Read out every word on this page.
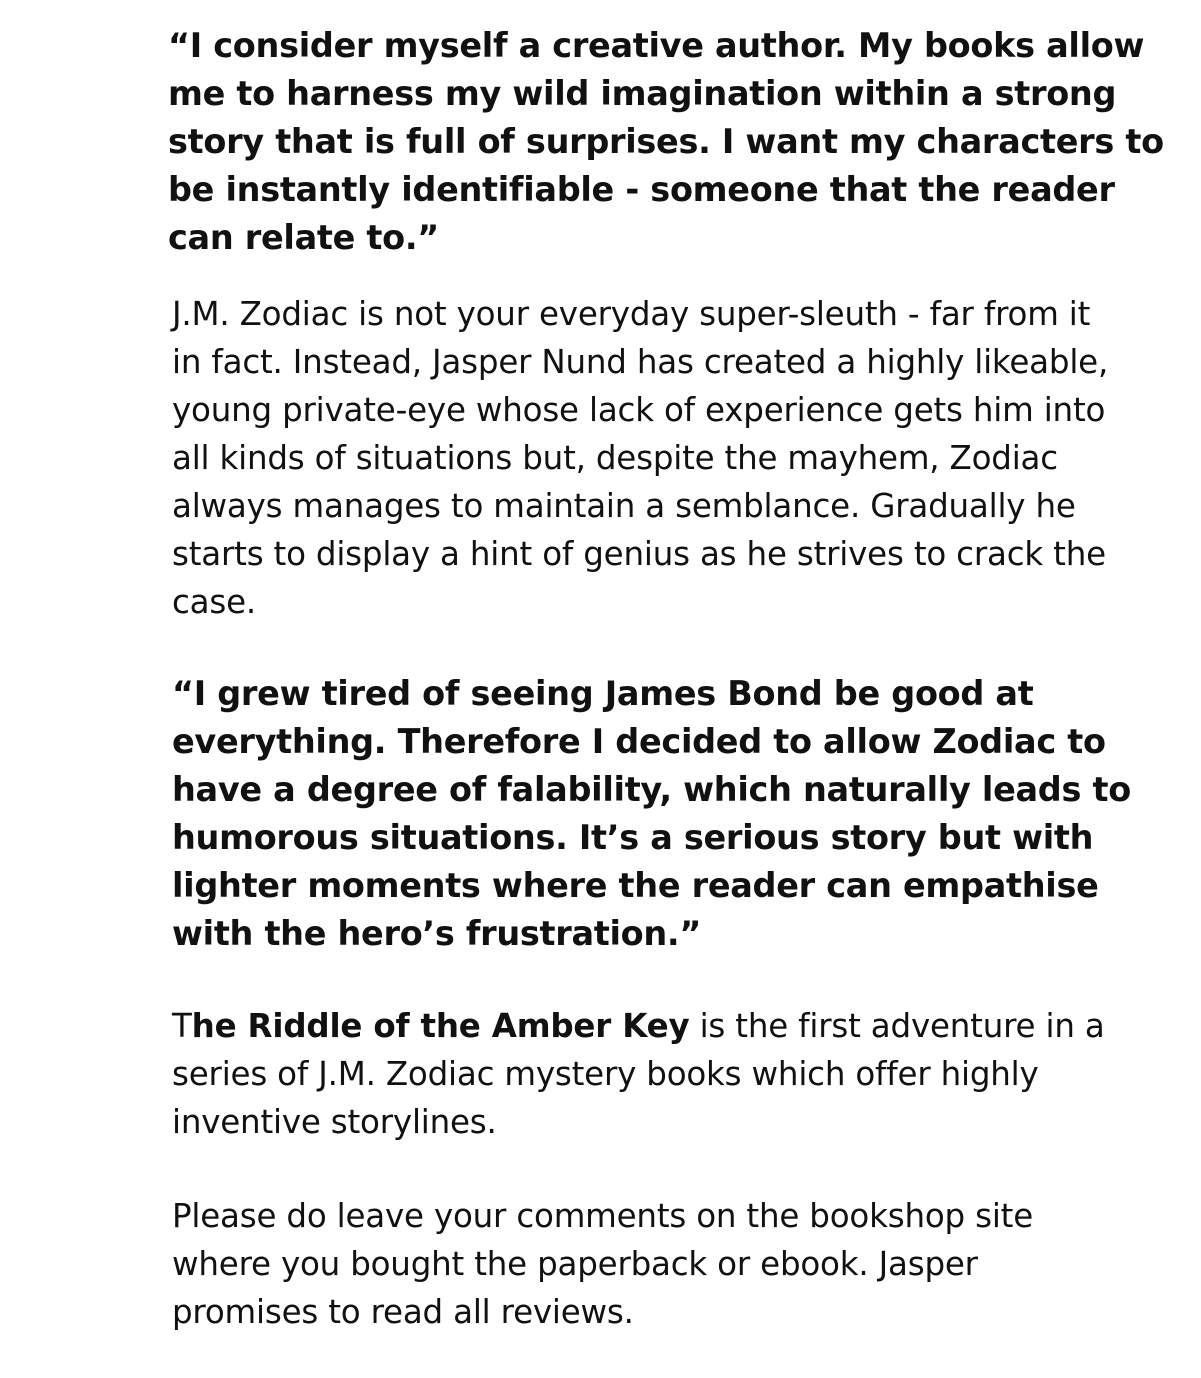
“I consider myself a creative author. My books allow
me to harness my wild imagination within a strong
story that is full of surprises. I want my characters to
be instantly identifiable - someone that the reader
can relate to.”

J.M. Zodiac is not your everyday super-sleuth - far from it
in fact. Instead, Jasper Nund has created a highly likeable,
young private-eye whose lack of experience gets him into
all kinds of situations but, despite the mayhem, Zodiac
always manages to maintain a semblance. Gradually he
starts to display a hint of genius as he strives to crack the
case.

“I grew tired of seeing James Bond be good at
everything. Therefore I decided to allow Zodiac to
have a degree of falability, which naturally leads to
humorous situations. It’s a serious story but with
lighter moments where the reader can empathise
with the hero’s frustration.”

The Riddle of the Amber Key is the first adventure in a
series of J.M. Zodiac mystery books which offer highly
inventive storylines.

Please do leave your comments on the bookshop site
where you bought the paperback or ebook. Jasper
promises to read all reviews.
